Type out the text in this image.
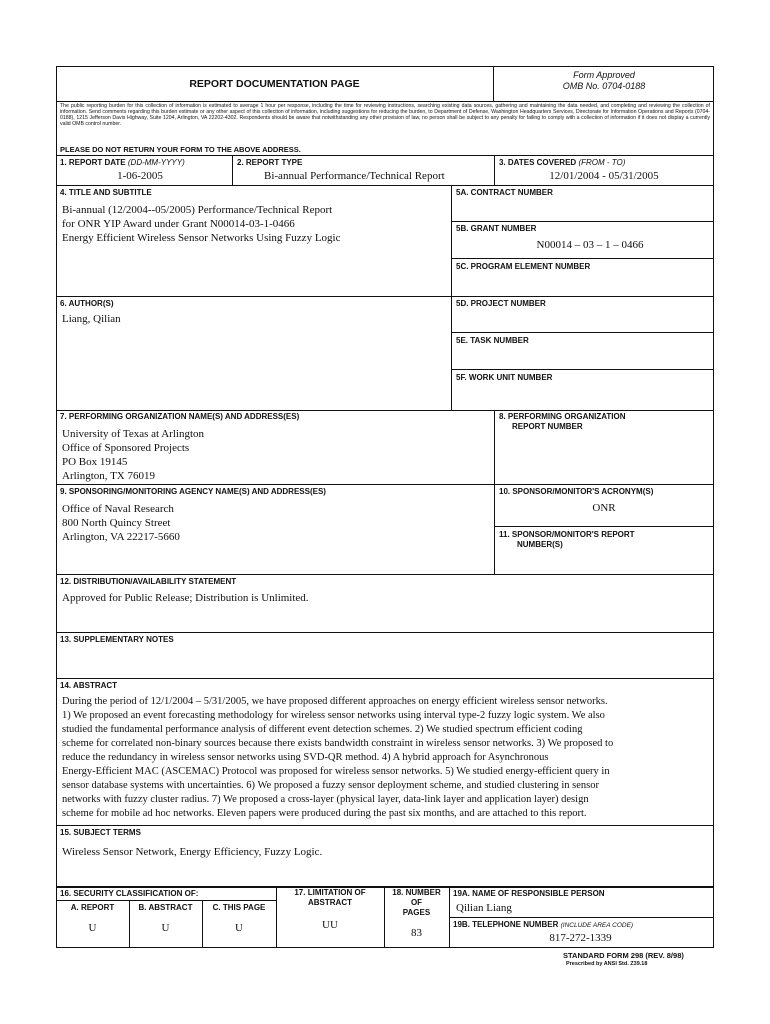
REPORT DOCUMENTATION PAGE
Form Approved
OMB No. 0704-0188
The public reporting burden for this collection of information is estimated to average 1 hour per response, including the time for reviewing instructions, searching existing data sources, gathering and maintaining the data needed, and completing and reviewing the collection of information. Send comments regarding this burden estimate or any other aspect of this collection of information, including suggestions for reducing the burden, to Department of Defense, Washington Headquarters Services, Directorate for Information Operations and Reports (0704-0188), 1215 Jefferson Davis Highway, Suite 1204, Arlington, VA 22202-4302. Respondents should be aware that notwithstanding any other provision of law, no person shall be subject to any penalty for failing to comply with a collection of information if it does not display a currently valid OMB control number.
PLEASE DO NOT RETURN YOUR FORM TO THE ABOVE ADDRESS.
1. REPORT DATE (DD-MM-YYYY)
1-06-2005
2. REPORT TYPE
Bi-annual Performance/Technical Report
3. DATES COVERED (FROM - TO)
12/01/2004 - 05/31/2005
4. TITLE AND SUBTITLE
Bi-annual (12/2004--05/2005) Performance/Technical Report
for ONR YIP Award under Grant N00014-03-1-0466
Energy Efficient Wireless Sensor Networks Using Fuzzy Logic
5A. CONTRACT NUMBER
5B. GRANT NUMBER
N00014 – 03 – 1 – 0466
5C. PROGRAM ELEMENT NUMBER
6. AUTHOR(S)
Liang, Qilian
5D. PROJECT NUMBER
5E. TASK NUMBER
5F. WORK UNIT NUMBER
7. PERFORMING ORGANIZATION NAME(S) AND ADDRESS(ES)
University of Texas at Arlington
Office of Sponsored Projects
PO Box 19145
Arlington, TX 76019
8. PERFORMING ORGANIZATION
REPORT NUMBER
9. SPONSORING/MONITORING AGENCY NAME(S) AND ADDRESS(ES)
Office of Naval Research
800 North Quincy Street
Arlington, VA 22217-5660
10. SPONSOR/MONITOR'S ACRONYM(S)
ONR
11. SPONSOR/MONITOR'S REPORT
NUMBER(S)
12. DISTRIBUTION/AVAILABILITY STATEMENT
Approved for Public Release; Distribution is Unlimited.
13. SUPPLEMENTARY NOTES
14. ABSTRACT
During the period of 12/1/2004 – 5/31/2005, we have proposed different approaches on energy efficient wireless sensor networks.
1) We proposed an event forecasting methodology for wireless sensor networks using interval type-2 fuzzy logic system. We also
studied the fundamental performance analysis of different event detection schemes. 2) We studied spectrum efficient coding
scheme for correlated non-binary sources because there exists bandwidth constraint in wireless sensor networks. 3) We proposed to
reduce the redundancy in wireless sensor networks using SVD-QR method. 4) A hybrid approach for Asynchronous
Energy-Efficient MAC (ASCEMAC) Protocol was proposed for wireless sensor networks. 5) We studied energy-efficient query in
sensor database systems with uncertainties. 6) We proposed a fuzzy sensor deployment scheme, and studied clustering in sensor
networks with fuzzy cluster radius. 7) We proposed a cross-layer (physical layer, data-link layer and application layer) design
scheme for mobile ad hoc networks. Eleven papers were produced during the past six months, and are attached to this report.
15. SUBJECT TERMS
Wireless Sensor Network, Energy Efficiency, Fuzzy Logic.
16. SECURITY CLASSIFICATION OF:
A. REPORT
U
B. ABSTRACT
U
C. THIS PAGE
U
17. LIMITATION OF
ABSTRACT
UU
18. NUMBER
OF
PAGES
83
19A. NAME OF RESPONSIBLE PERSON
Qilian Liang
19B. TELEPHONE NUMBER (INCLUDE AREA CODE)
817-272-1339
STANDARD FORM 298 (REV. 8/98)
Prescribed by ANSI Std. Z39.18
